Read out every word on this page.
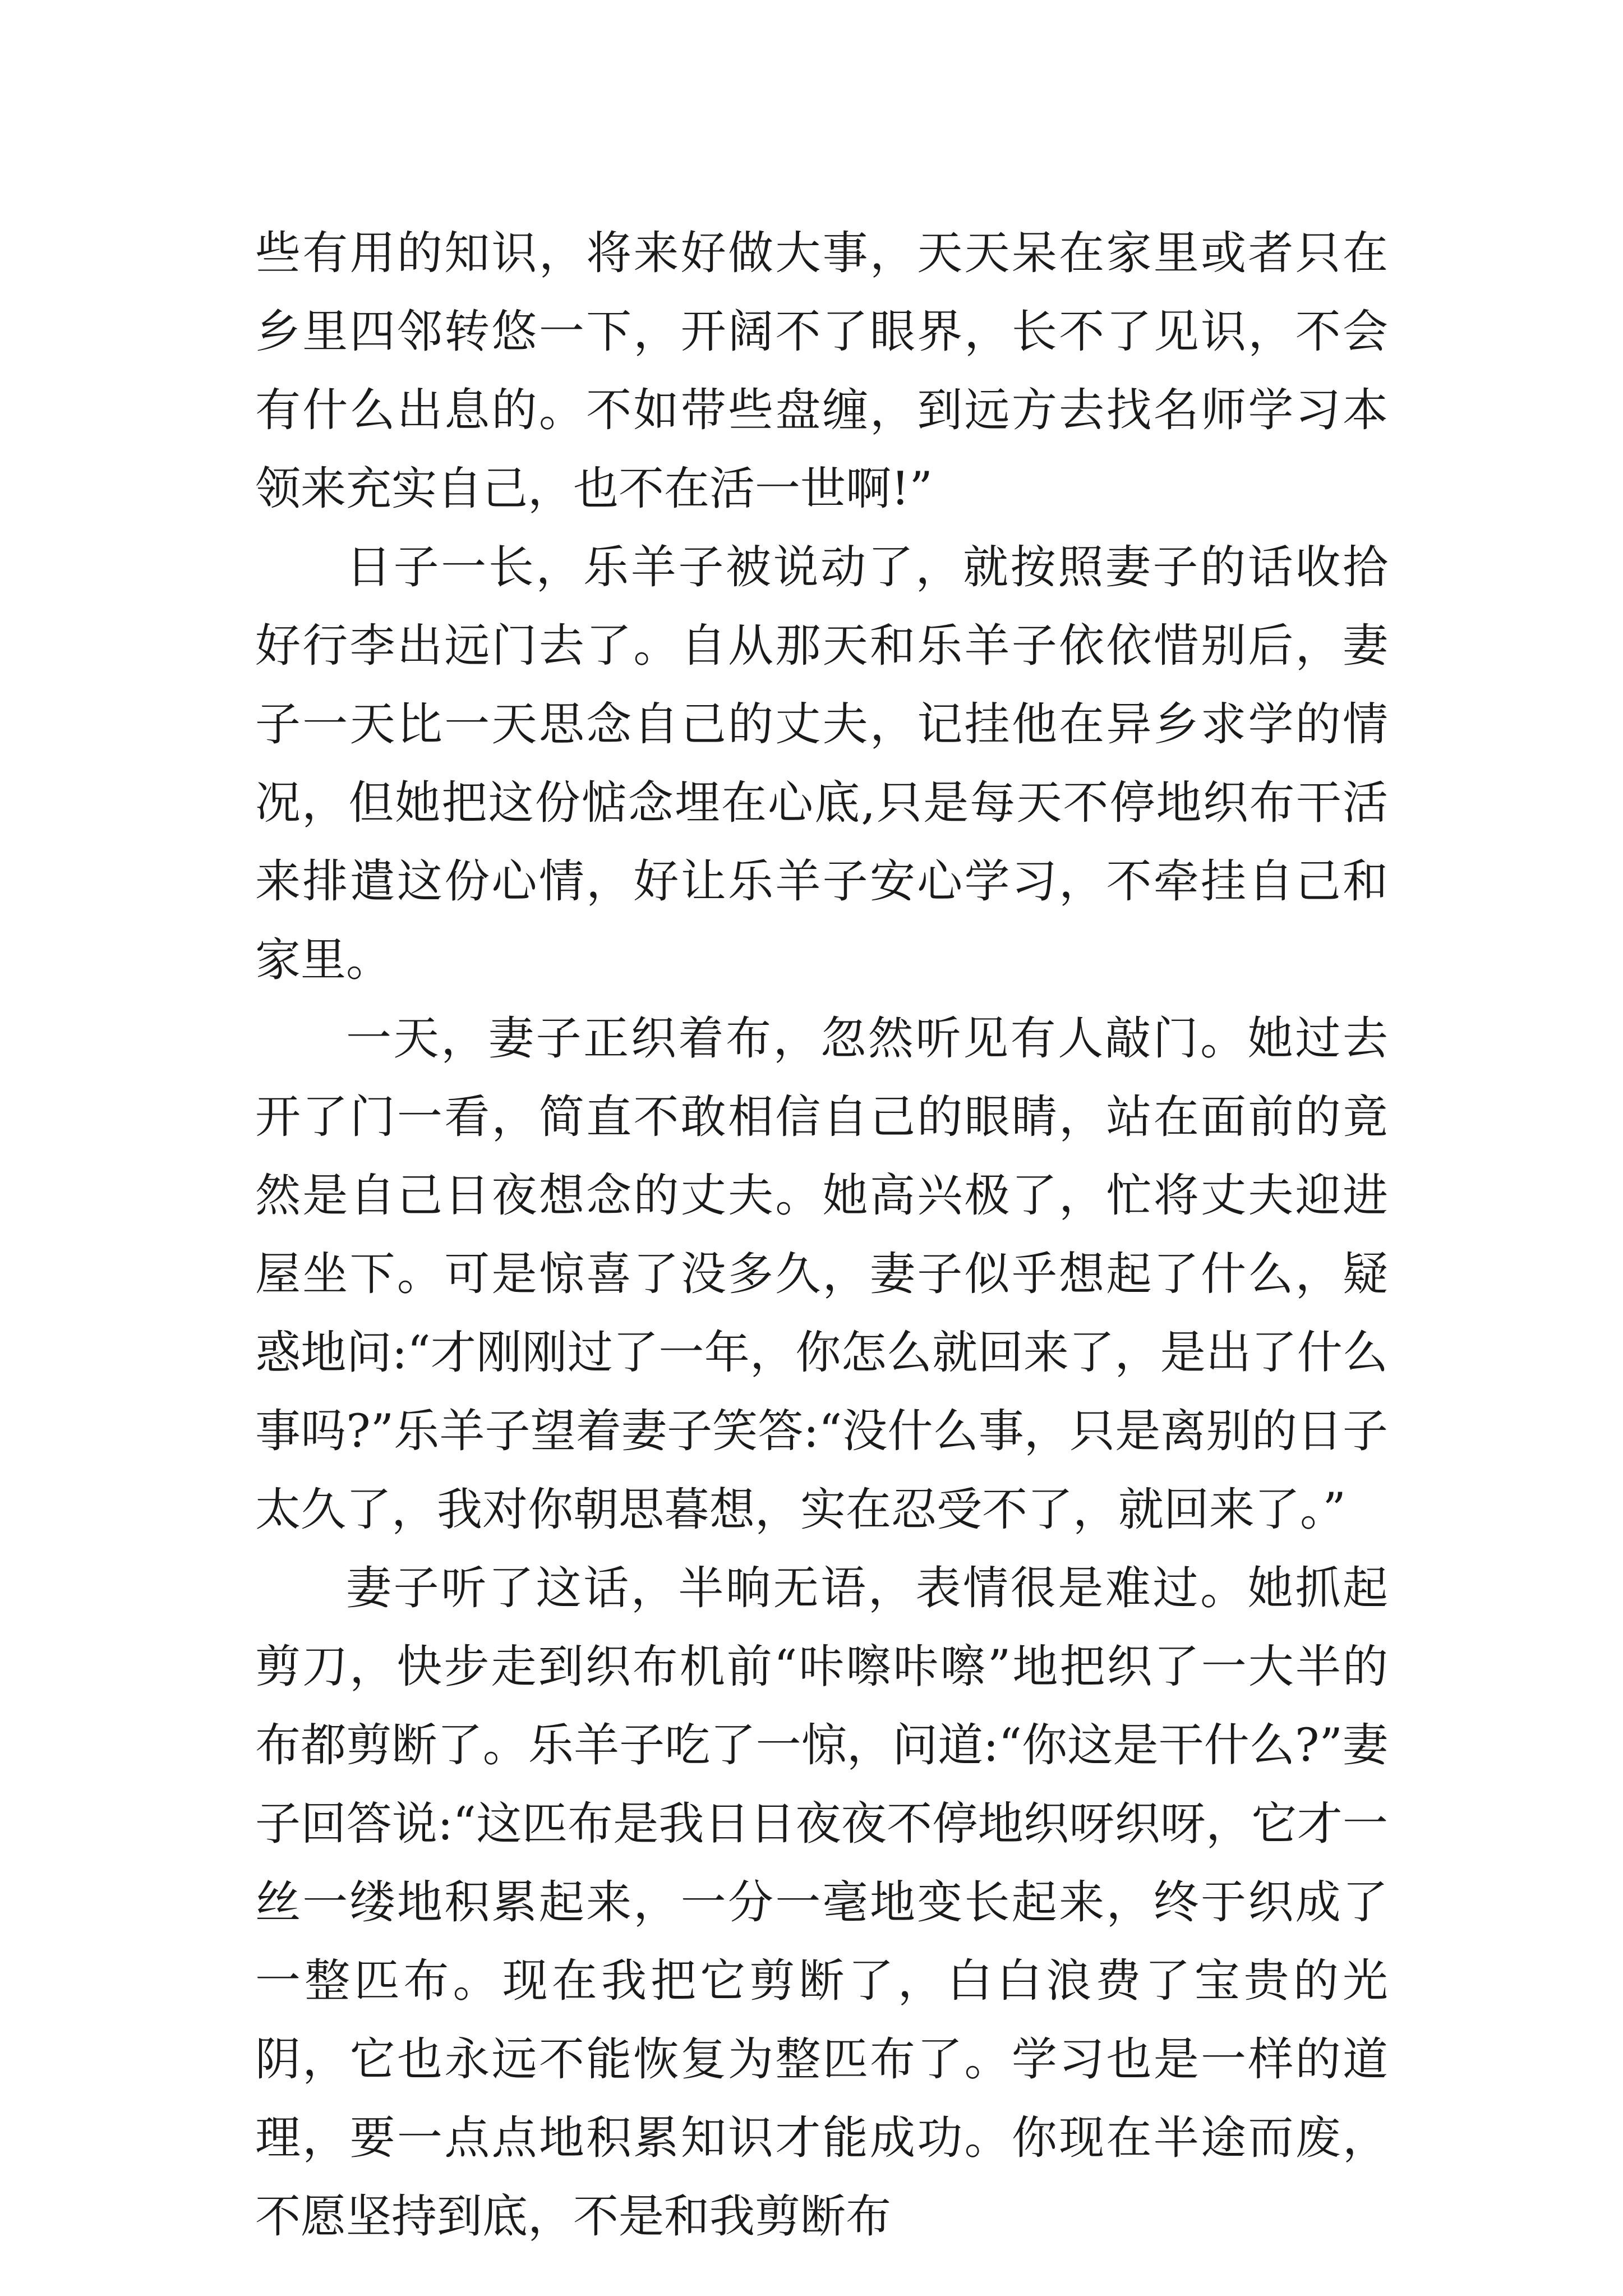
些有用的知识，将来好做大事，天天呆在家里或者只在乡里四邻转悠一下，开阔不了眼界，长不了见识，不会有什么出息的。不如带些盘缠，到远方去找名师学习本领来充实自己，也不在活一世啊!”

日子一长，乐羊子被说动了，就按照妻子的话收拾好行李出远门去了。自从那天和乐羊子依依惜别后，妻子一天比一天思念自己的丈夫，记挂他在异乡求学的情况，但她把这份惦念埋在心底,只是每天不停地织布干活来排遣这份心情，好让乐羊子安心学习，不牵挂自己和家里。

一天，妻子正织着布，忽然听见有人敲门。她过去开了门一看，简直不敢相信自己的眼睛，站在面前的竟然是自己日夜想念的丈夫。她高兴极了，忙将丈夫迎进屋坐下。可是惊喜了没多久，妻子似乎想起了什么，疑惑地问:“才刚刚过了一年，你怎么就回来了，是出了什么事吗?”乐羊子望着妻子笑答:“没什么事，只是离别的日子太久了，我对你朝思暮想，实在忍受不了，就回来了。”

妻子听了这话，半晌无语，表情很是难过。她抓起剪刀，快步走到织布机前“咔嚓咔嚓”地把织了一大半的布都剪断了。乐羊子吃了一惊，问道:“你这是干什么?”妻子回答说:“这匹布是我日日夜夜不停地织呀织呀，它才一丝一缕地积累起来，一分一毫地变长起来，终于织成了一整匹布。现在我把它剪断了，白白浪费了宝贵的光阴，它也永远不能恢复为整匹布了。学习也是一样的道理，要一点点地积累知识才能成功。你现在半途而废，不愿坚持到底，不是和我剪断布
